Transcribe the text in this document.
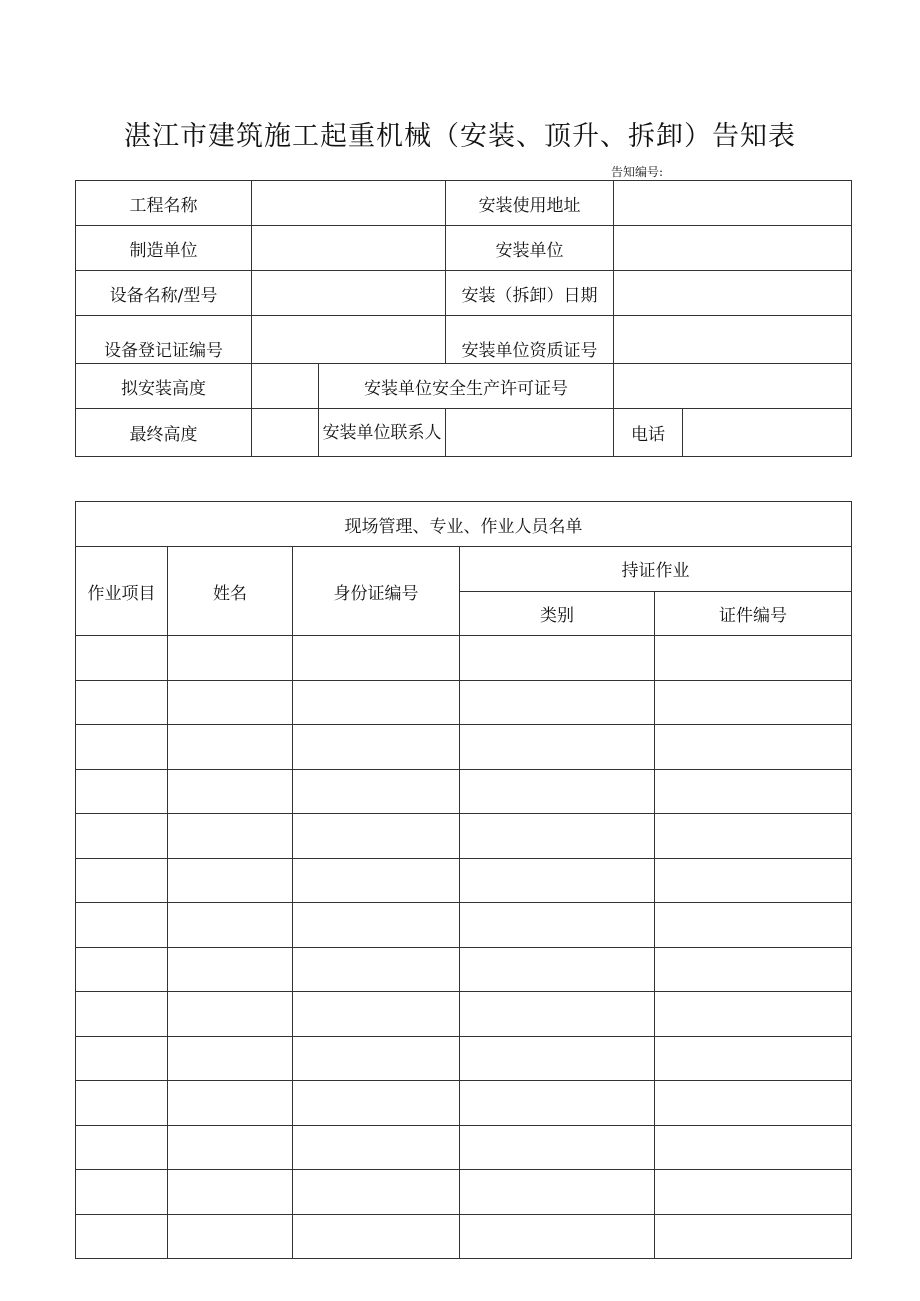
湛江市建筑施工起重机械（安装、顶升、拆卸）告知表
告知编号:
工程名称			安装使用地址		
制造单位			安装单位		
设备名称/型号			安装（拆卸）日期		
设备登记证编号			安装单位资质证号		
拟安装高度		安装单位安全生产许可证号			
最终高度		安装单位联系人		电话	
现场管理、专业、作业人员名单				
作业项目	姓名	身份证编号	持证作业	
			类别	证件编号
